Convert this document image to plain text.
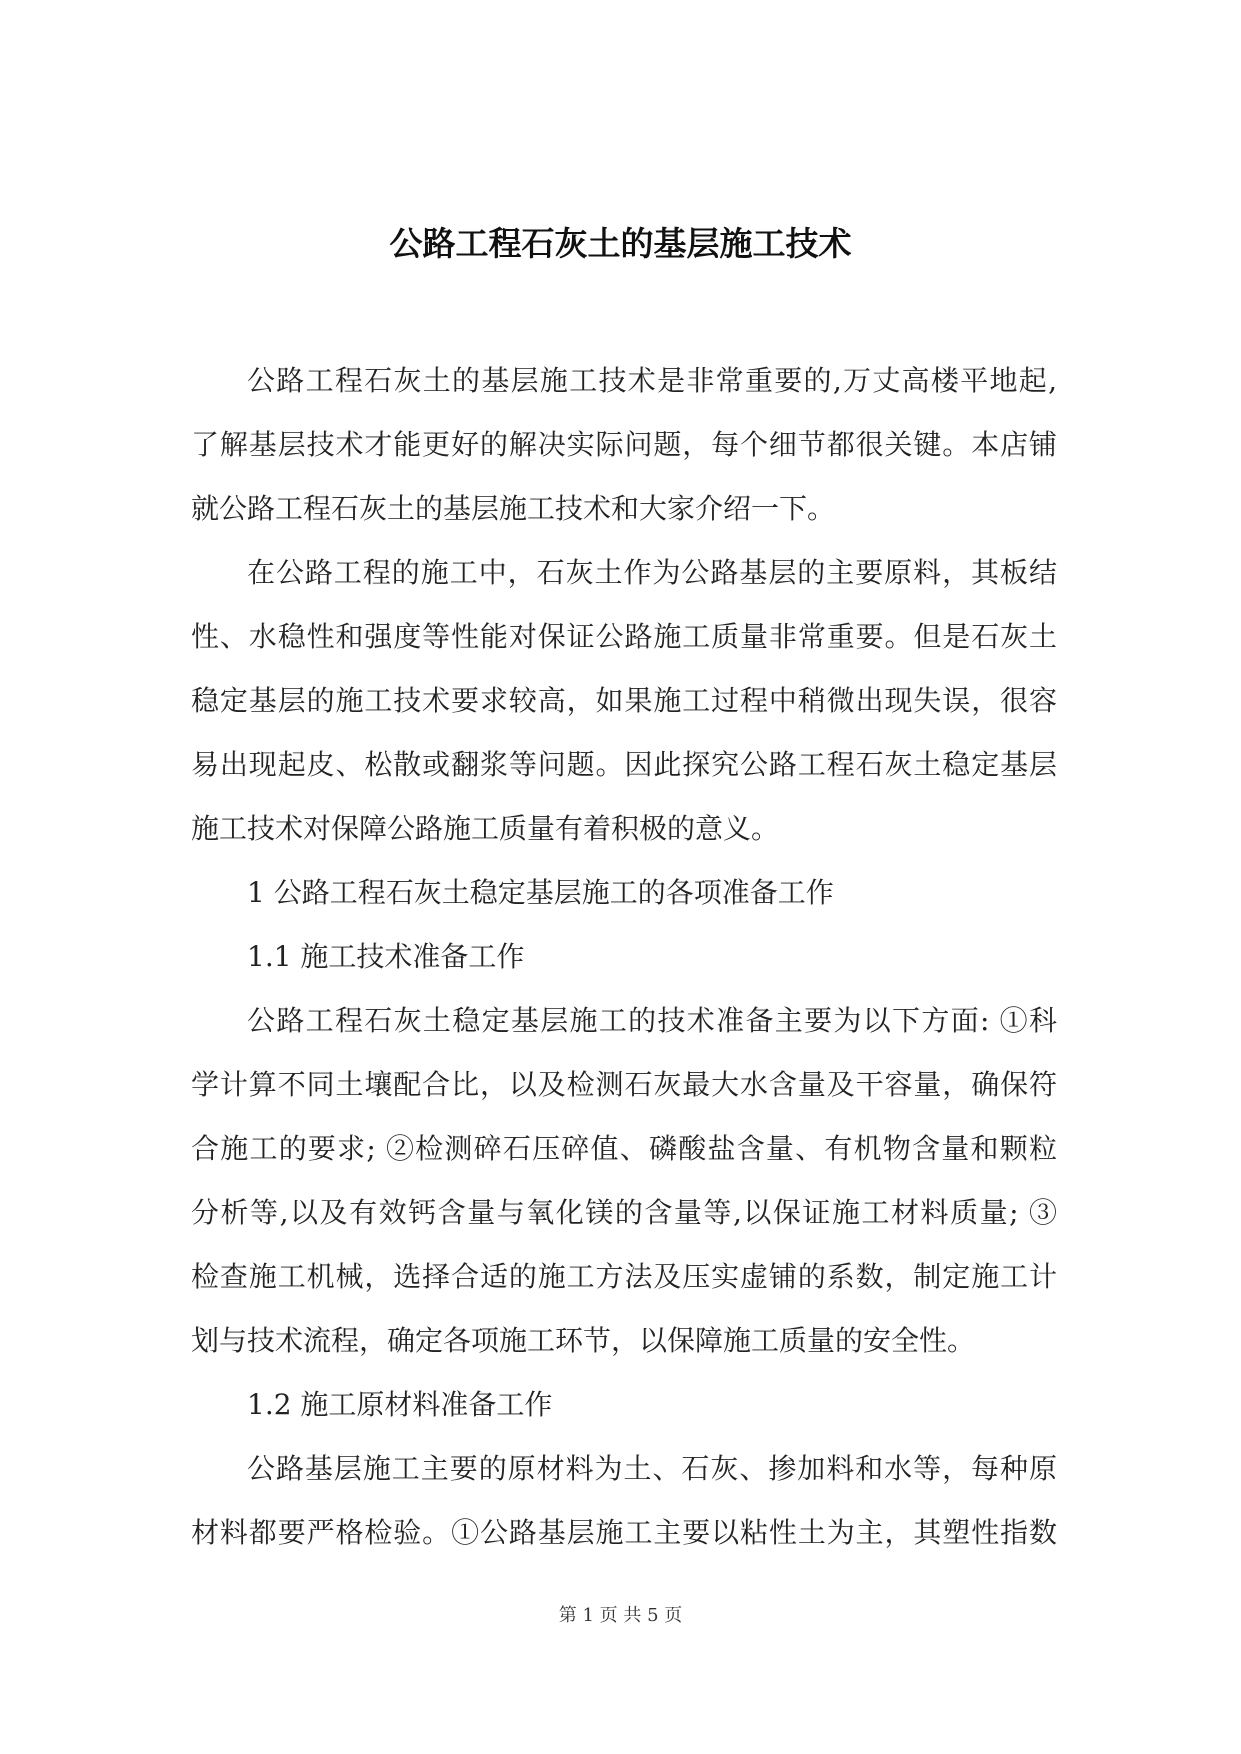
公路工程石灰土的基层施工技术

公路工程石灰土的基层施工技术是非常重要的,万丈高楼平地起,

了解基层技术才能更好的解决实际问题，每个细节都很关键。本店铺

就公路工程石灰土的基层施工技术和大家介绍一下。

在公路工程的施工中，石灰土作为公路基层的主要原料，其板结

性、水稳性和强度等性能对保证公路施工质量非常重要。但是石灰土

稳定基层的施工技术要求较高，如果施工过程中稍微出现失误，很容

易出现起皮、松散或翻浆等问题。因此探究公路工程石灰土稳定基层

施工技术对保障公路施工质量有着积极的意义。

1 公路工程石灰土稳定基层施工的各项准备工作

1.1 施工技术准备工作

公路工程石灰土稳定基层施工的技术准备主要为以下方面: ①科

学计算不同土壤配合比，以及检测石灰最大水含量及干容量，确保符

合施工的要求; ②检测碎石压碎值、磷酸盐含量、有机物含量和颗粒

分析等,以及有效钙含量与氧化镁的含量等,以保证施工材料质量; ③

检查施工机械，选择合适的施工方法及压实虚铺的系数，制定施工计

划与技术流程，确定各项施工环节，以保障施工质量的安全性。

1.2 施工原材料准备工作

公路基层施工主要的原材料为土、石灰、掺加料和水等，每种原

材料都要严格检验。①公路基层施工主要以粘性土为主，其塑性指数

第 1 页 共 5 页
